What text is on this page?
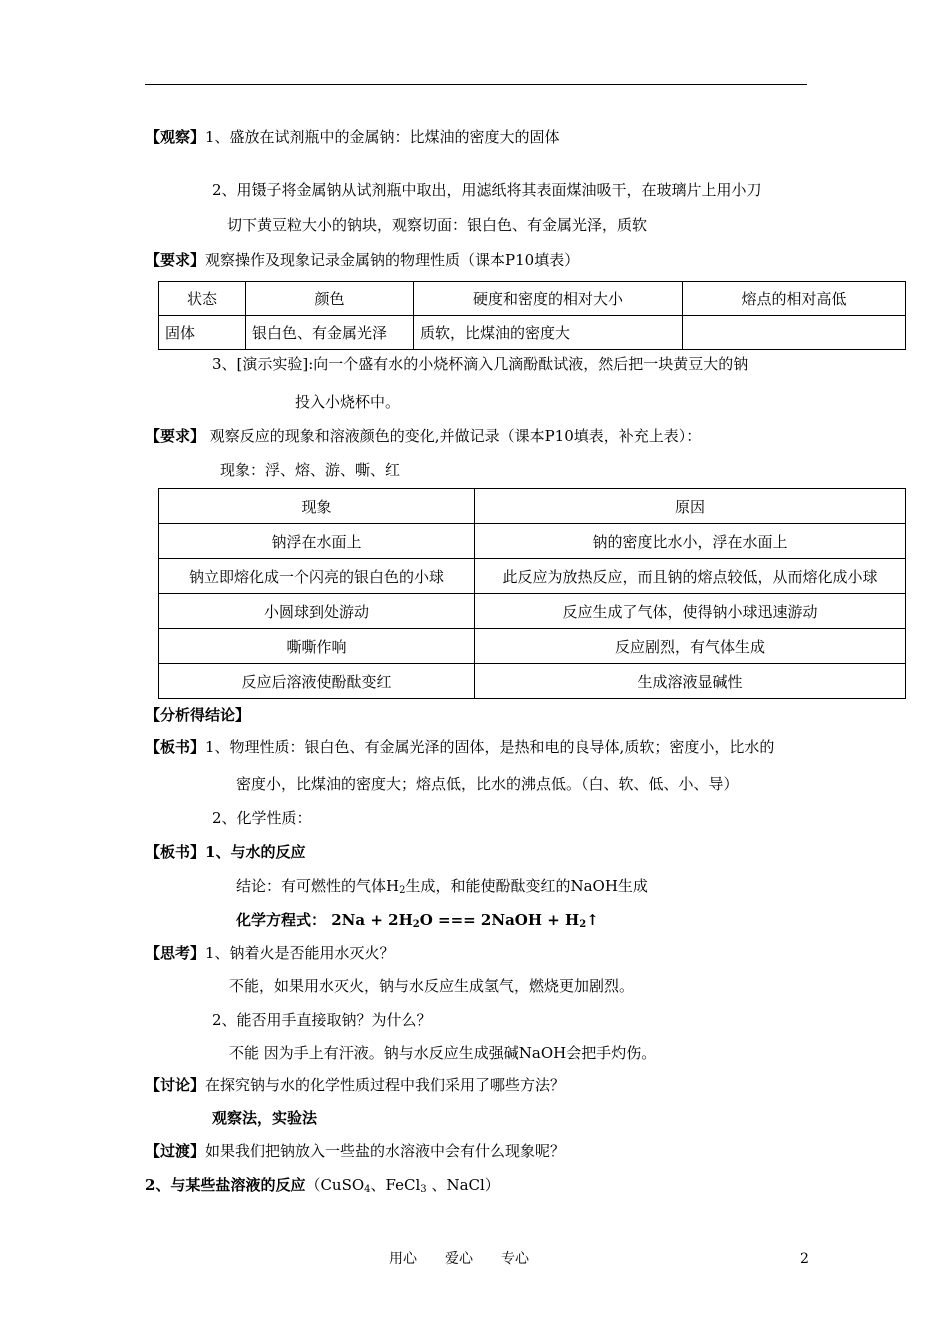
【观察】1、盛放在试剂瓶中的金属钠：比煤油的密度大的固体
2、用镊子将金属钠从试剂瓶中取出，用滤纸将其表面煤油吸干，在玻璃片上用小刀
切下黄豆粒大小的钠块，观察切面：银白色、有金属光泽，质软
【要求】观察操作及现象记录金属钠的物理性质（课本P10填表）
状态	颜色	硬度和密度的相对大小	熔点的相对高低
固体	银白色、有金属光泽	质软，比煤油的密度大	
3、[演示实验]:向一个盛有水的小烧杯滴入几滴酚酞试液，然后把一块黄豆大的钠
投入小烧杯中。
【要求】 观察反应的现象和溶液颜色的变化,并做记录（课本P10填表，补充上表）：
现象：浮、熔、游、嘶、红
现象	原因
钠浮在水面上	钠的密度比水小，浮在水面上
钠立即熔化成一个闪亮的银白色的小球	此反应为放热反应，而且钠的熔点较低，从而熔化成小球
小圆球到处游动	反应生成了气体，使得钠小球迅速游动
嘶嘶作响	反应剧烈，有气体生成
反应后溶液使酚酞变红	生成溶液显碱性
【分析得结论】
【板书】1、物理性质：银白色、有金属光泽的固体，是热和电的良导体,质软；密度小，比水的
密度小，比煤油的密度大；熔点低，比水的沸点低。（白、软、低、小、导）
2、化学性质：
【板书】1、与水的反应
结论：有可燃性的气体$H_2$生成，和能使酚酞变红的NaOH生成
化学方程式： $2Na + 2H_2O$ === 2NaOH + $H_2↑$
【思考】1、钠着火是否能用水灭火？
不能，如果用水灭火，钠与水反应生成氢气，燃烧更加剧烈。
2、能否用手直接取钠？为什么？
不能 因为手上有汗液。钠与水反应生成强碱NaOH会把手灼伤。
【讨论】在探究钠与水的化学性质过程中我们采用了哪些方法？
观察法，实验法
【过渡】如果我们把钠放入一些盐的水溶液中会有什么现象呢？
2、与某些盐溶液的反应（CuSO$_4$、FeCl$_3$ 、NaCl）
用心　　爱心　　专心	2
